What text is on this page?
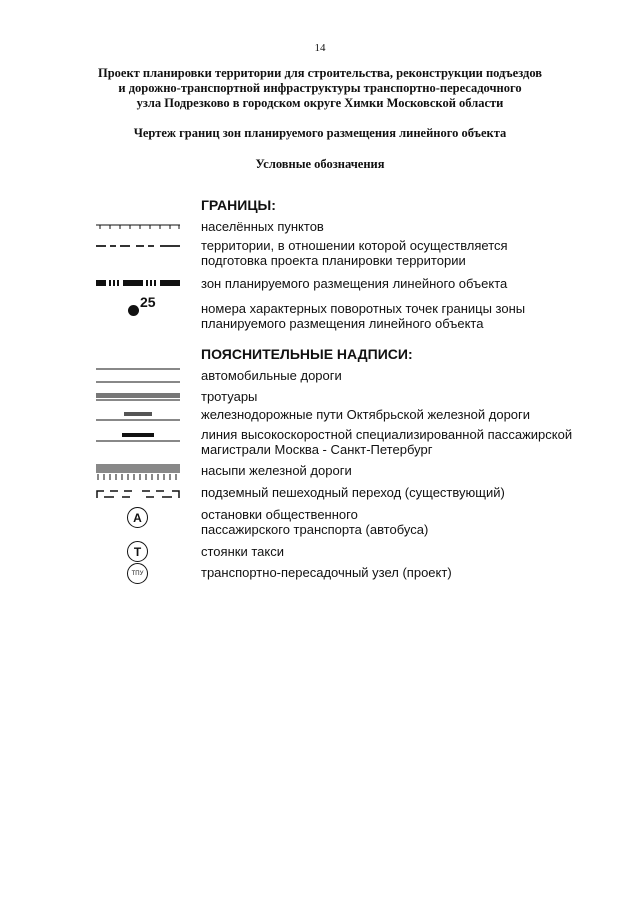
14
Проект планировки территории для строительства, реконструкции подъездов
и дорожно-транспортной инфраструктуры транспортно-пересадочного
узла Подрезково в городском округе Химки Московской области
Чертеж границ зон планируемого размещения линейного объекта
Условные обозначения
ГРАНИЦЫ:
населённых пунктов
территории, в отношении которой осуществляется
подготовка проекта планировки территории
зон планируемого размещения линейного объекта
25	номера характерных поворотных точек границы зоны
планируемого размещения линейного объекта
ПОЯСНИТЕЛЬНЫЕ НАДПИСИ:
автомобильные дороги
тротуары
железнодорожные пути Октябрьской железной дороги
линия высокоскоростной специализированной пассажирской
магистрали Москва - Санкт-Петербург
насыпи железной дороги
подземный пешеходный переход (существующий)
А	остановки общественного
пассажирского транспорта (автобуса)
Т	стоянки такси
ТПУ	транспортно-пересадочный узел (проект)
